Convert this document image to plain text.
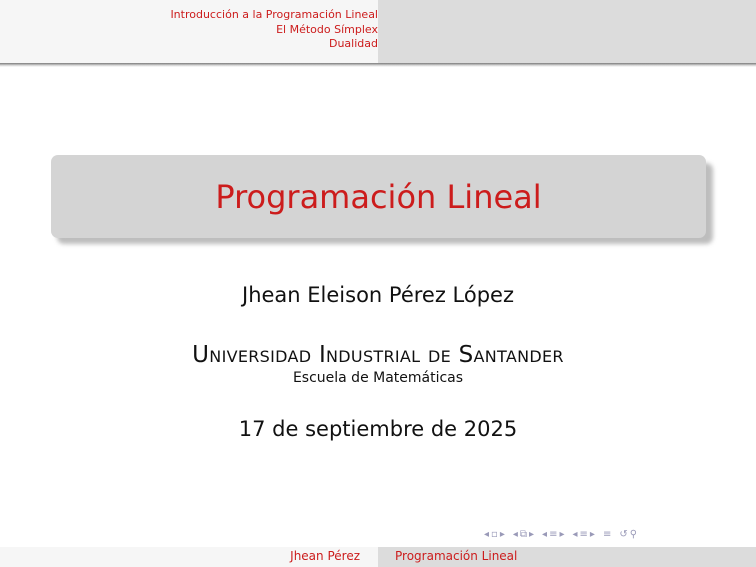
Introducción a la Programación Lineal
El Método Símplex
Dualidad
Programación Lineal
Jhean Eleison Pérez López
Universidad Industrial de Santander
Escuela de Matemáticas
17 de septiembre de 2025
◂ ▫ ▸ ◂ ⧉ ▸ ◂ ≡ ▸ ◂ ≡ ▸ ≡ ↺ ⚲
Jhean Pérez	Programación Lineal
